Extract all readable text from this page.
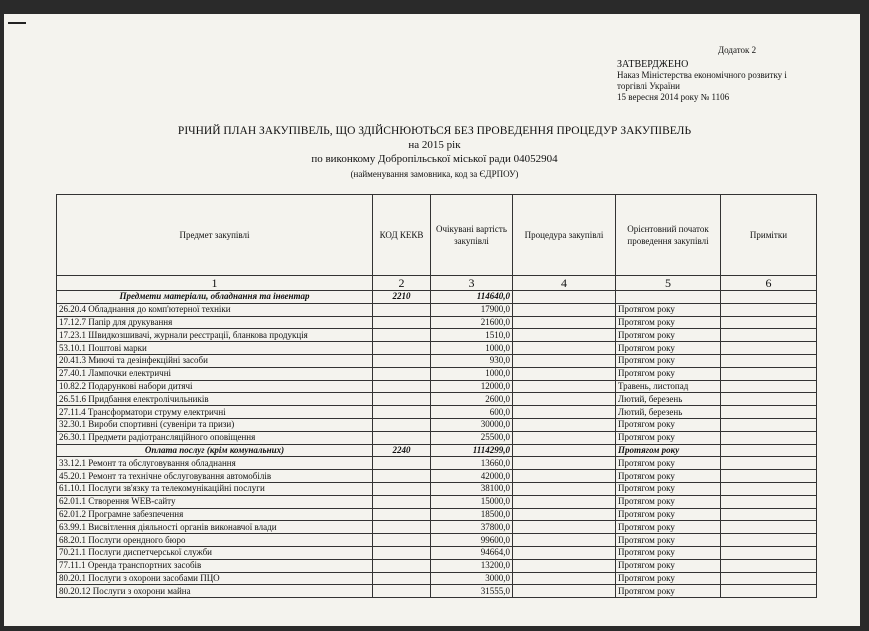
Додаток 2
ЗАТВЕРДЖЕНО
Наказ Міністерства економічного розвитку і
торгівлі України
15 вересня 2014 року № 1106
РІЧНИЙ ПЛАН ЗАКУПІВЕЛЬ, ЩО ЗДІЙСНЮЮТЬСЯ БЕЗ ПРОВЕДЕННЯ ПРОЦЕДУР ЗАКУПІВЕЛЬ
на 2015 рік
по виконкому Добропільської міської ради 04052904
(найменування замовника, код за ЄДРПОУ)
Предмет закупівлі	КОД КЕКВ	Очікувані вартість закупівлі	Процедура закупівлі	Орієнтовний початок проведення закупівлі	Примітки
1	2	3	4	5	6
Предмети матеріали, обладнання та інвентар	2210	114640,0			
26.20.4 Обладнання до комп'ютерної техніки		17900,0		Протягом року	
17.12.7 Папір для друкування		21600,0		Протягом року	
17.23.1 Швидкозшивачі, журнали реєстрації, бланкова продукція		1510,0		Протягом року	
53.10.1 Поштові марки		1000,0		Протягом року	
20.41.3 Миючі та дезінфекційні засоби		930,0		Протягом року	
27.40.1 Лампочки електричні		1000,0		Протягом року	
10.82.2 Подарункові набори дитячі		12000,0		Травень, листопад	
26.51.6 Придбання електролічильників		2600,0		Лютий, березень	
27.11.4 Трансформатори струму електричні		600,0		Лютий, березень	
32.30.1 Вироби спортивні (сувеніри та призи)		30000,0		Протягом року	
26.30.1 Предмети радіотрансляційного оповіщення		25500,0		Протягом року	
Оплата послуг (крім комунальних)	2240	1114299,0		Протягом року	
33.12.1 Ремонт та обслуговування обладнання		13660,0		Протягом року	
45.20.1 Ремонт та технічне обслуговування автомобілів		42000,0		Протягом року	
61.10.1 Послуги зв'язку та телекомунікаційні послуги		38100,0		Протягом року	
62.01.1 Створення WEB-сайту		15000,0		Протягом року	
62.01.2 Програмне забезпечення		18500,0		Протягом року	
63.99.1 Висвітлення діяльності органів виконавчої влади		37800,0		Протягом року	
68.20.1 Послуги орендного бюро		99600,0		Протягом року	
70.21.1 Послуги диспетчерської служби		94664,0		Протягом року	
77.11.1 Оренда транспортних засобів		13200,0		Протягом року	
80.20.1 Послуги з охорони засобами ПЦО		3000,0		Протягом року	
80.20.12 Послуги з охорони майна		31555,0		Протягом року	
